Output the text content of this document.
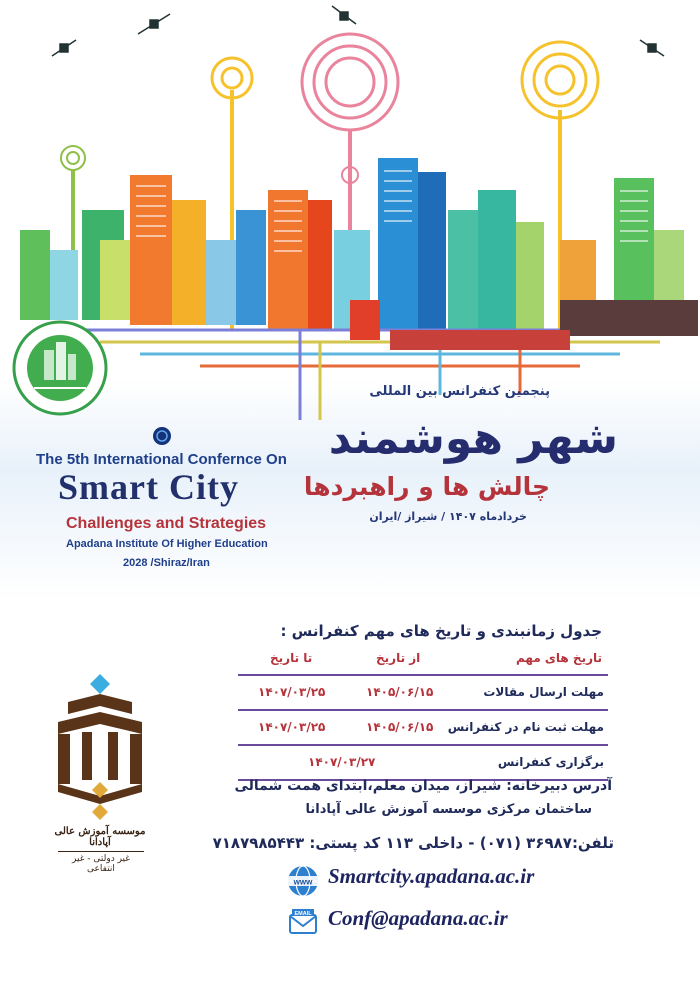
The 5th International Confernce On
Smart City
Challenges and Strategies
Apadana Institute Of Higher Education
2028 /Shiraz/Iran
پنجمین کنفرانس بین المللی
شهر هوشمند
چالش ها و راهبردها
خردادماه ۱۴۰۷ / شیراز /ایران
جدول زمانبندی و تاریخ های مهم کنفرانس :
تاریخ های مهم
از تاریخ
تا تاریخ
مهلت ارسال مقالات
۱۴۰۵/۰۶/۱۵
۱۴۰۷/۰۳/۲۵
مهلت ثبت نام در کنفرانس
۱۴۰۵/۰۶/۱۵
۱۴۰۷/۰۳/۲۵
برگزاری کنفرانس
۱۴۰۷/۰۳/۲۷
آدرس دبیرخانه: شیراز، میدان معلم،ابتدای همت شمالی
ساختمان مرکزی موسسه آموزش عالی آپادانا
تلفن:۳۶۹۸۷ (۰۷۱) - داخلی ۱۱۳ کد پستی: ۷۱۸۷۹۸۵۴۴۳
www Smartcity.apadana.ac.ir
EMAIL Conf@apadana.ac.ir
موسسه آموزش عالی آپادانا
غیر دولتی - غیر انتفاعی
